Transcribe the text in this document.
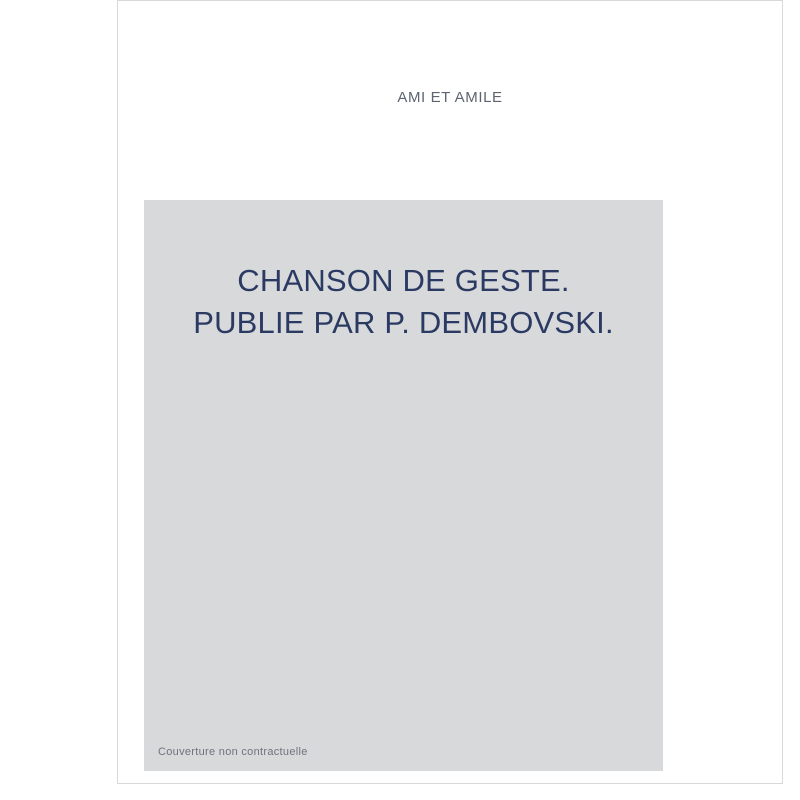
AMI ET AMILE
CHANSON DE GESTE.
PUBLIE PAR P. DEMBOVSKI.
Couverture non contractuelle
